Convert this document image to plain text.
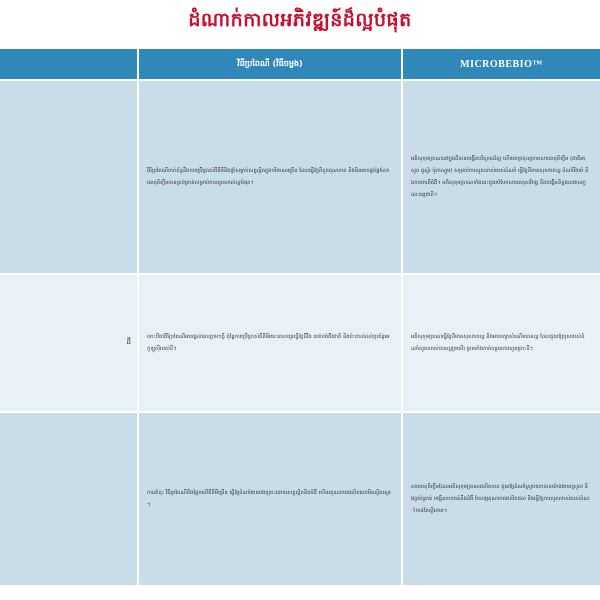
ដំណាក់កាលអភិវឌ្ឍន៍ដ៏ល្អបំផុត
វិធីប្រពៃណី (វិធីចម្លង)	MICROBEBIO™
វិធីប្រពៃណីពាក់ព័ន្ធនឹងការប្រើប្រាស់ជីគីមីនិងថ្នាំសម្លាប់សត្វល្អិតក្នុងបរិមាណច្រើន ដែលធ្វើឱ្យដីខូចគុណភាព និងមិនអាចផ្គត់ផ្គង់សារធាតុចិញ្ចឹមបានគ្រប់គ្រាន់សម្រាប់ការលូតលាស់ល្អបំផុត។
អតិសុខុមប្រាណនៅក្នុងដីបានបង្កើតបរិស្ថានដ៏ល្អ ហើយរក្សាតុល្យភាពសារធាតុចិញ្ចឹម (ជាតិអាសូត ផូស្វ័រ ប៉ូតាស្យូម) សម្រាប់ការលូតលាស់របស់ដំណាំ ធ្វើឱ្យដីមានសុខភាពល្អ ដំណាំរឹងមាំ និងការពារពីជំងឺ។ អតិសុខុមប្រាណទាំងនេះជួយបំបែកសារធាតុសរីរាង្គ និងបង្កើនទិន្នផលជាលក្ខណៈធម្មជាតិ។
ដី
ទោះបីជាវិធីប្រពៃណីអាចផ្តល់ផលភ្លាមៗក្តី ប៉ុន្តែការប្រើប្រាស់ជីគីមីរយៈពេលយូរធ្វើឱ្យដីរឹង បាត់បង់ជីវជាតិ និងប៉ះពាល់ដល់ប្រព័ន្ធអេកូឡូស៊ីរបស់ដី។
អតិសុខុមប្រាណធ្វើឱ្យដីមានសុខភាពល្អ និងអាចរក្សាសំណើមបានល្អ ដែលជួយឱ្យឫសរបស់ដំណាំលូតលាស់បានល្អប្រសើរ ព្រមទាំងកាត់បន្ថយការហូរច្រោះដី។
ការដាំដុះ វិធីប្រពៃណីពឹងផ្អែកលើជីគីមីច្រើន ធ្វើឱ្យដំណាំងាយរងគ្រោះដោយសត្វល្អិតនិងជំងឺ ហើយគុណភាពផលិតផលមិនស្ថិតស្ថេរ។
សារធាតុចិញ្ចឹមដែលអតិសុខុមប្រាណផលិតបាន ជួយឱ្យដំណាំស្រូបយកបានយ៉ាងងាយស្រួល និងគ្រប់គ្រាន់ បង្កើនភាពធន់នឹងជំងឺ កែលម្អគុណភាពផលិតផល និងធ្វើឱ្យការលូតលាស់របស់ដំណាំកាន់តែស្ថិរភាព។
